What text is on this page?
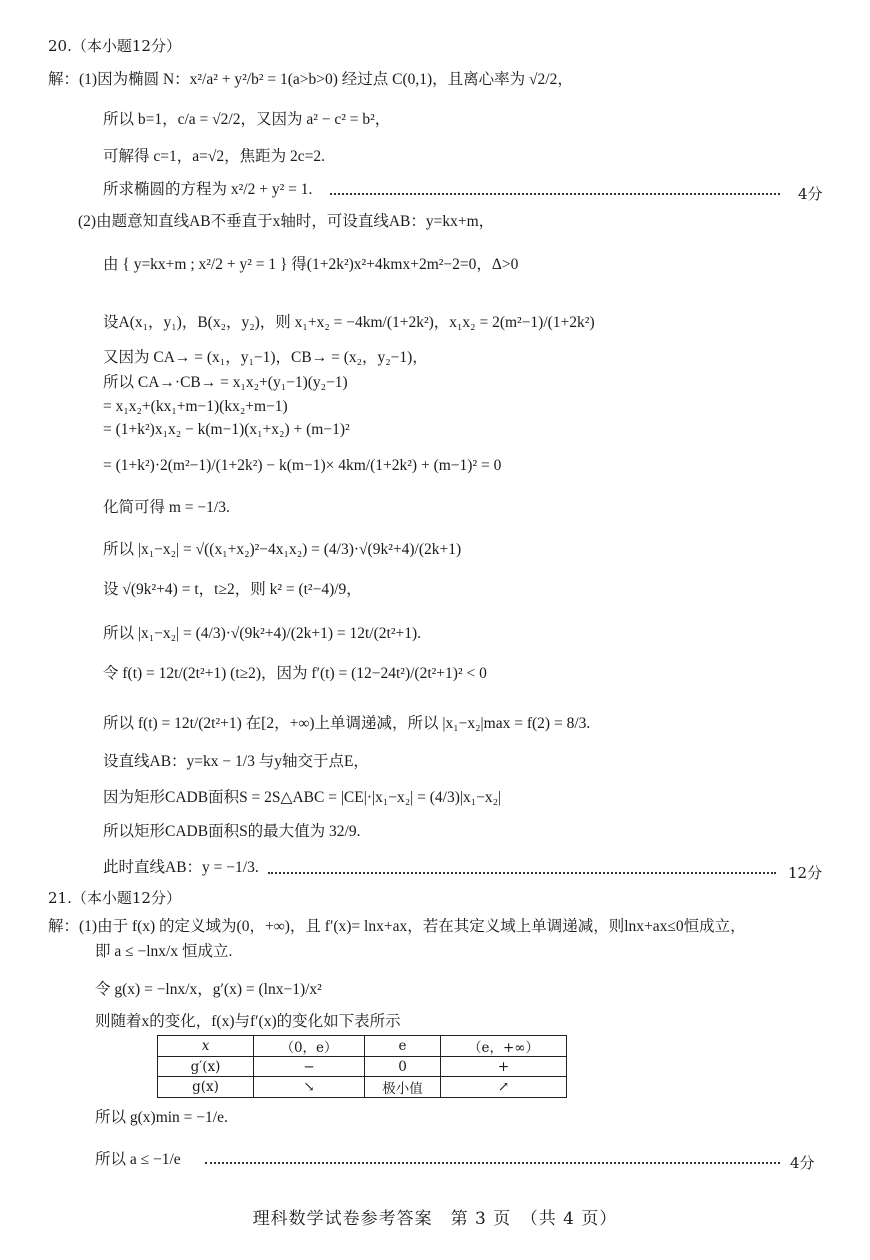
20.（本小题12分）
解：(1)因为椭圆 N：x²/a² + y²/b² = 1(a>b>0) 经过点 C(0,1)，且离心率为 √2/2，
所以 b=1，c/a = √2/2，又因为 a² − c² = b²，
可解得 c=1，a=√2，焦距为 2c=2.
所求椭圆的方程为 x²/2 + y² = 1.	4分
(2)由题意知直线AB不垂直于x轴时，可设直线AB：y=kx+m，
由 { y=kx+m ; x²/2 + y² = 1 } 得(1+2k²)x²+4kmx+2m²−2=0，Δ>0
设A(x₁，y₁)，B(x₂，y₂)，则 x₁+x₂ = −4km/(1+2k²)，x₁x₂ = 2(m²−1)/(1+2k²)
又因为 CA→ = (x₁，y₁−1)，CB→ = (x₂，y₂−1)，
所以 CA→·CB→ = x₁x₂+(y₁−1)(y₂−1)
= x₁x₂+(kx₁+m−1)(kx₂+m−1)
= (1+k²)x₁x₂ − k(m−1)(x₁+x₂) + (m−1)²
= (1+k²)·2(m²−1)/(1+2k²) − k(m−1)× 4km/(1+2k²) + (m−1)² = 0
化简可得 m = −1/3.
所以 |x₁−x₂| = √((x₁+x₂)²−4x₁x₂) = (4/3)·√(9k²+4)/(2k+1)
设 √(9k²+4) = t，t≥2，则 k² = (t²−4)/9，
所以 |x₁−x₂| = (4/3)·√(9k²+4)/(2k+1) = 12t/(2t²+1).
令 f(t) = 12t/(2t²+1) (t≥2)，因为 f′(t) = (12−24t²)/(2t²+1)² < 0
所以 f(t) = 12t/(2t²+1) 在[2，+∞)上单调递减，所以 |x₁−x₂|max = f(2) = 8/3.
设直线AB：y=kx − 1/3 与y轴交于点E，
因为矩形CADB面积S = 2S△ABC = |CE|·|x₁−x₂| = (4/3)|x₁−x₂|
所以矩形CADB面积S的最大值为 32/9.
此时直线AB：y = −1/3.	12分
21.（本小题12分）
解：(1)由于 f(x) 的定义域为(0，+∞)，且 f′(x)= lnx+ax，若在其定义域上单调递减，则lnx+ax≤0恒成立，
即 a ≤ −lnx/x 恒成立.
令 g(x) = −lnx/x，g′(x) = (lnx−1)/x²
则随着x的变化，f(x)与f′(x)的变化如下表所示
x	（0，e）	e	（e，+∞）
g′(x)	−	0	+
g(x)	↘	极小值	↗
所以 g(x)min = −1/e.
所以 a ≤ −1/e	4分
理科数学试卷参考答案　第 3 页　（共 4 页）
